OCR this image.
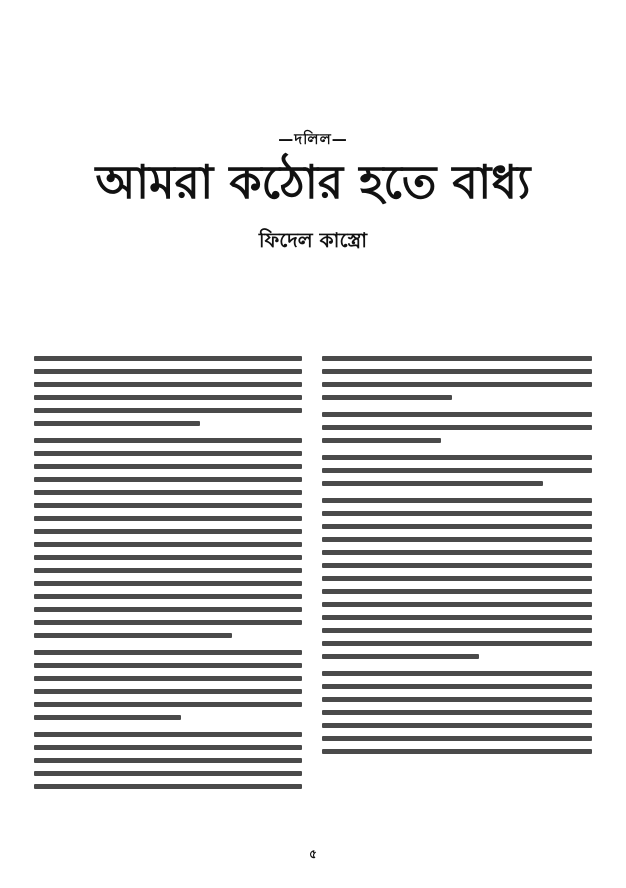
—দলিল—
আমরা কঠোর হতে বাধ্য
ফিদেল কাস্ত্রো
৫
